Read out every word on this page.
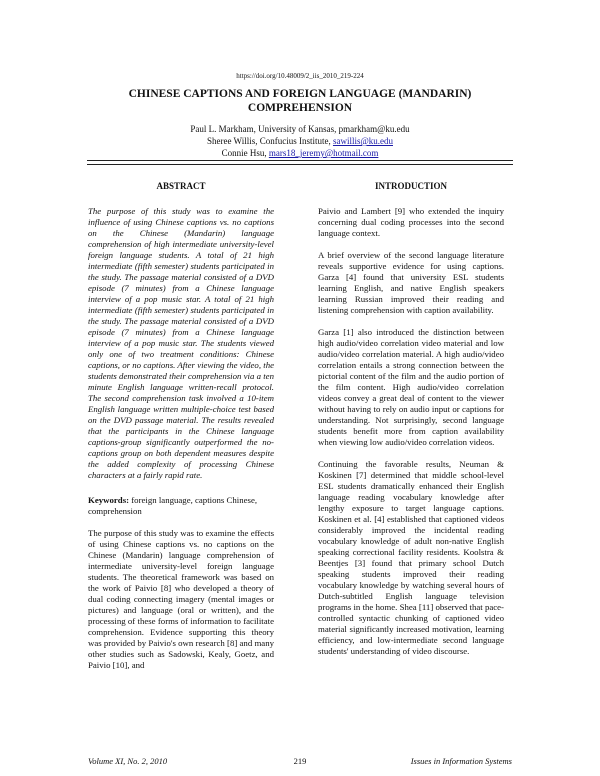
https://doi.org/10.48009/2_iis_2010_219-224
CHINESE CAPTIONS AND FOREIGN LANGUAGE (MANDARIN) COMPREHENSION
Paul L. Markham, University of Kansas, pmarkham@ku.edu
Sheree Willis, Confucius Institute, sawillis@ku.edu
Connie Hsu, mars18_jeremy@hotmail.com
ABSTRACT
The purpose of this study was to examine the influence of using Chinese captions vs. no captions on the Chinese (Mandarin) language comprehension of high intermediate university-level foreign language students. A total of 21 high intermediate (fifth semester) students participated in the study. The passage material consisted of a DVD episode (7 minutes) from a Chinese language interview of a pop music star. A total of 21 high intermediate (fifth semester) students participated in the study. The passage material consisted of a DVD episode (7 minutes) from a Chinese language interview of a pop music star. The students viewed only one of two treatment conditions: Chinese captions, or no captions. After viewing the video, the students demonstrated their comprehension via a ten minute English language written-recall protocol. The second comprehension task involved a 10-item English language written multiple-choice test based on the DVD passage material. The results revealed that the participants in the Chinese language captions-group significantly outperformed the no- captions group on both dependent measures despite the added complexity of processing Chinese characters at a fairly rapid rate.
Keywords: foreign language, captions Chinese, comprehension

The purpose of this study was to examine the effects of using Chinese captions vs. no captions on the Chinese (Mandarin) language comprehension of intermediate university-level foreign language students. The theoretical framework was based on the work of Paivio [8] who developed a theory of dual coding connecting imagery (mental images or pictures) and language (oral or written), and the processing of these forms of information to facilitate comprehension. Evidence supporting this theory was provided by Paivio's own research [8] and many other studies such as Sadowski, Kealy, Goetz, and Paivio [10], and

INTRODUCTION

Paivio and Lambert [9] who extended the inquiry concerning dual coding processes into the second language context.

A brief overview of the second language literature reveals supportive evidence for using captions. Garza [4] found that university ESL students learning English, and native English speakers learning Russian improved their reading and listening comprehension with caption availability.

Garza [1] also introduced the distinction between high audio/video correlation video material and low audio/video correlation material. A high audio/video correlation entails a strong connection between the pictorial content of the film and the audio portion of the film content. High audio/video correlation videos convey a great deal of content to the viewer without having to rely on audio input or captions for understanding. Not surprisingly, second language students benefit more from caption availability when viewing low audio/video correlation videos.

Continuing the favorable results, Neuman & Koskinen [7] determined that middle school-level ESL students dramatically enhanced their English language reading vocabulary knowledge after lengthy exposure to target language captions. Koskinen et al. [4] established that captioned videos considerably improved the incidental reading vocabulary knowledge of adult non-native English speaking correctional facility residents. Koolstra & Beentjes [3] found that primary school Dutch speaking students improved their reading vocabulary knowledge by watching several hours of Dutch-subtitled English language television programs in the home. Shea [11] observed that pace-controlled syntactic chunking of captioned video material significantly increased motivation, learning efficiency, and low-intermediate second language students' understanding of video discourse.

Volume XI, No. 2, 2010	219	Issues in Information Systems
